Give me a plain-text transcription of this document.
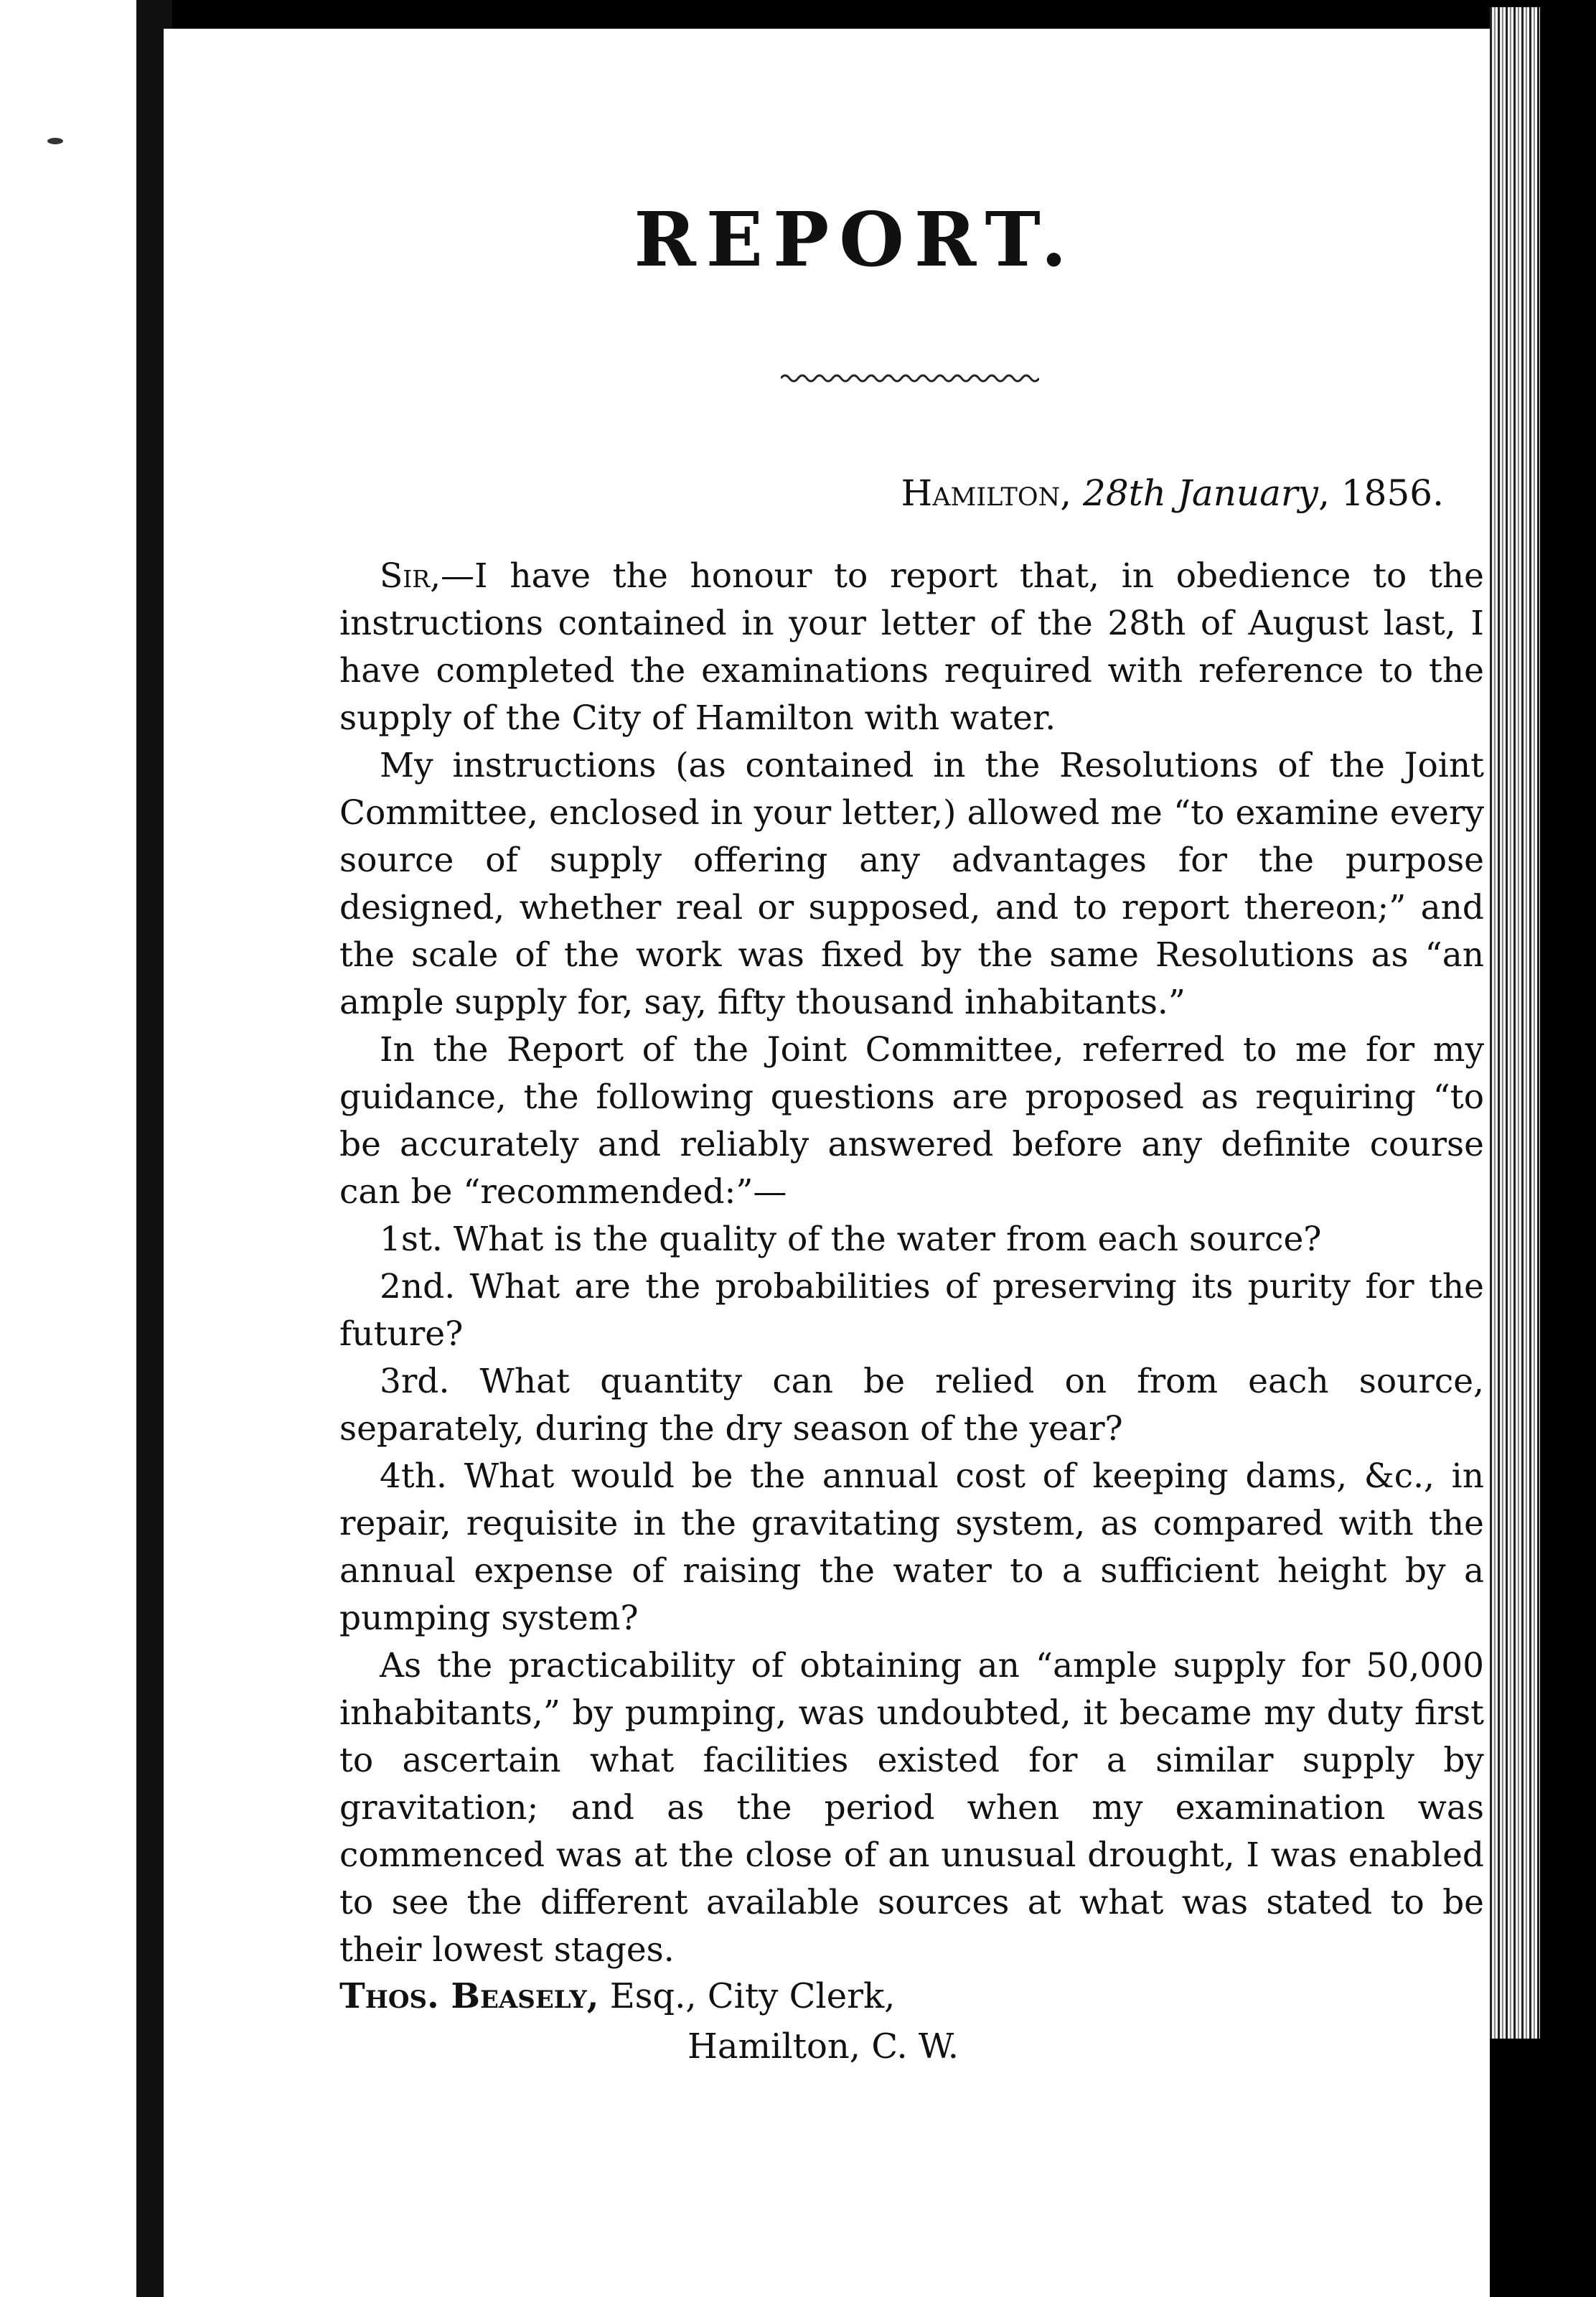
REPORT.
Hamilton, 28th January, 1856.

Sir,—I have the honour to report that, in obedience to the instructions contained in your letter of the 28th of August last, I have completed the examinations required with reference to the supply of the City of Hamilton with water.

My instructions (as contained in the Resolutions of the Joint Committee, enclosed in your letter,) allowed me “to examine every source of supply offering any advantages for the purpose designed, whether real or supposed, and to report thereon;” and the scale of the work was fixed by the same Resolutions as “an ample supply for, say, fifty thousand inhabitants.”

In the Report of the Joint Committee, referred to me for my guidance, the following questions are proposed as requiring “to be accurately and reliably answered before any definite course can be “recommended:”—

1st. What is the quality of the water from each source?

2nd. What are the probabilities of preserving its purity for the future?

3rd. What quantity can be relied on from each source, separately, during the dry season of the year?

4th. What would be the annual cost of keeping dams, &c., in repair, requisite in the gravitating system, as compared with the annual expense of raising the water to a sufficient height by a pumping system?

As the practicability of obtaining an “ample supply for 50,000 inhabitants,” by pumping, was undoubted, it became my duty first to ascertain what facilities existed for a similar supply by gravitation; and as the period when my examination was commenced was at the close of an unusual drought, I was enabled to see the different available sources at what was stated to be their lowest stages.

Thos. Beasely, Esq., City Clerk,
Hamilton, C. W.
